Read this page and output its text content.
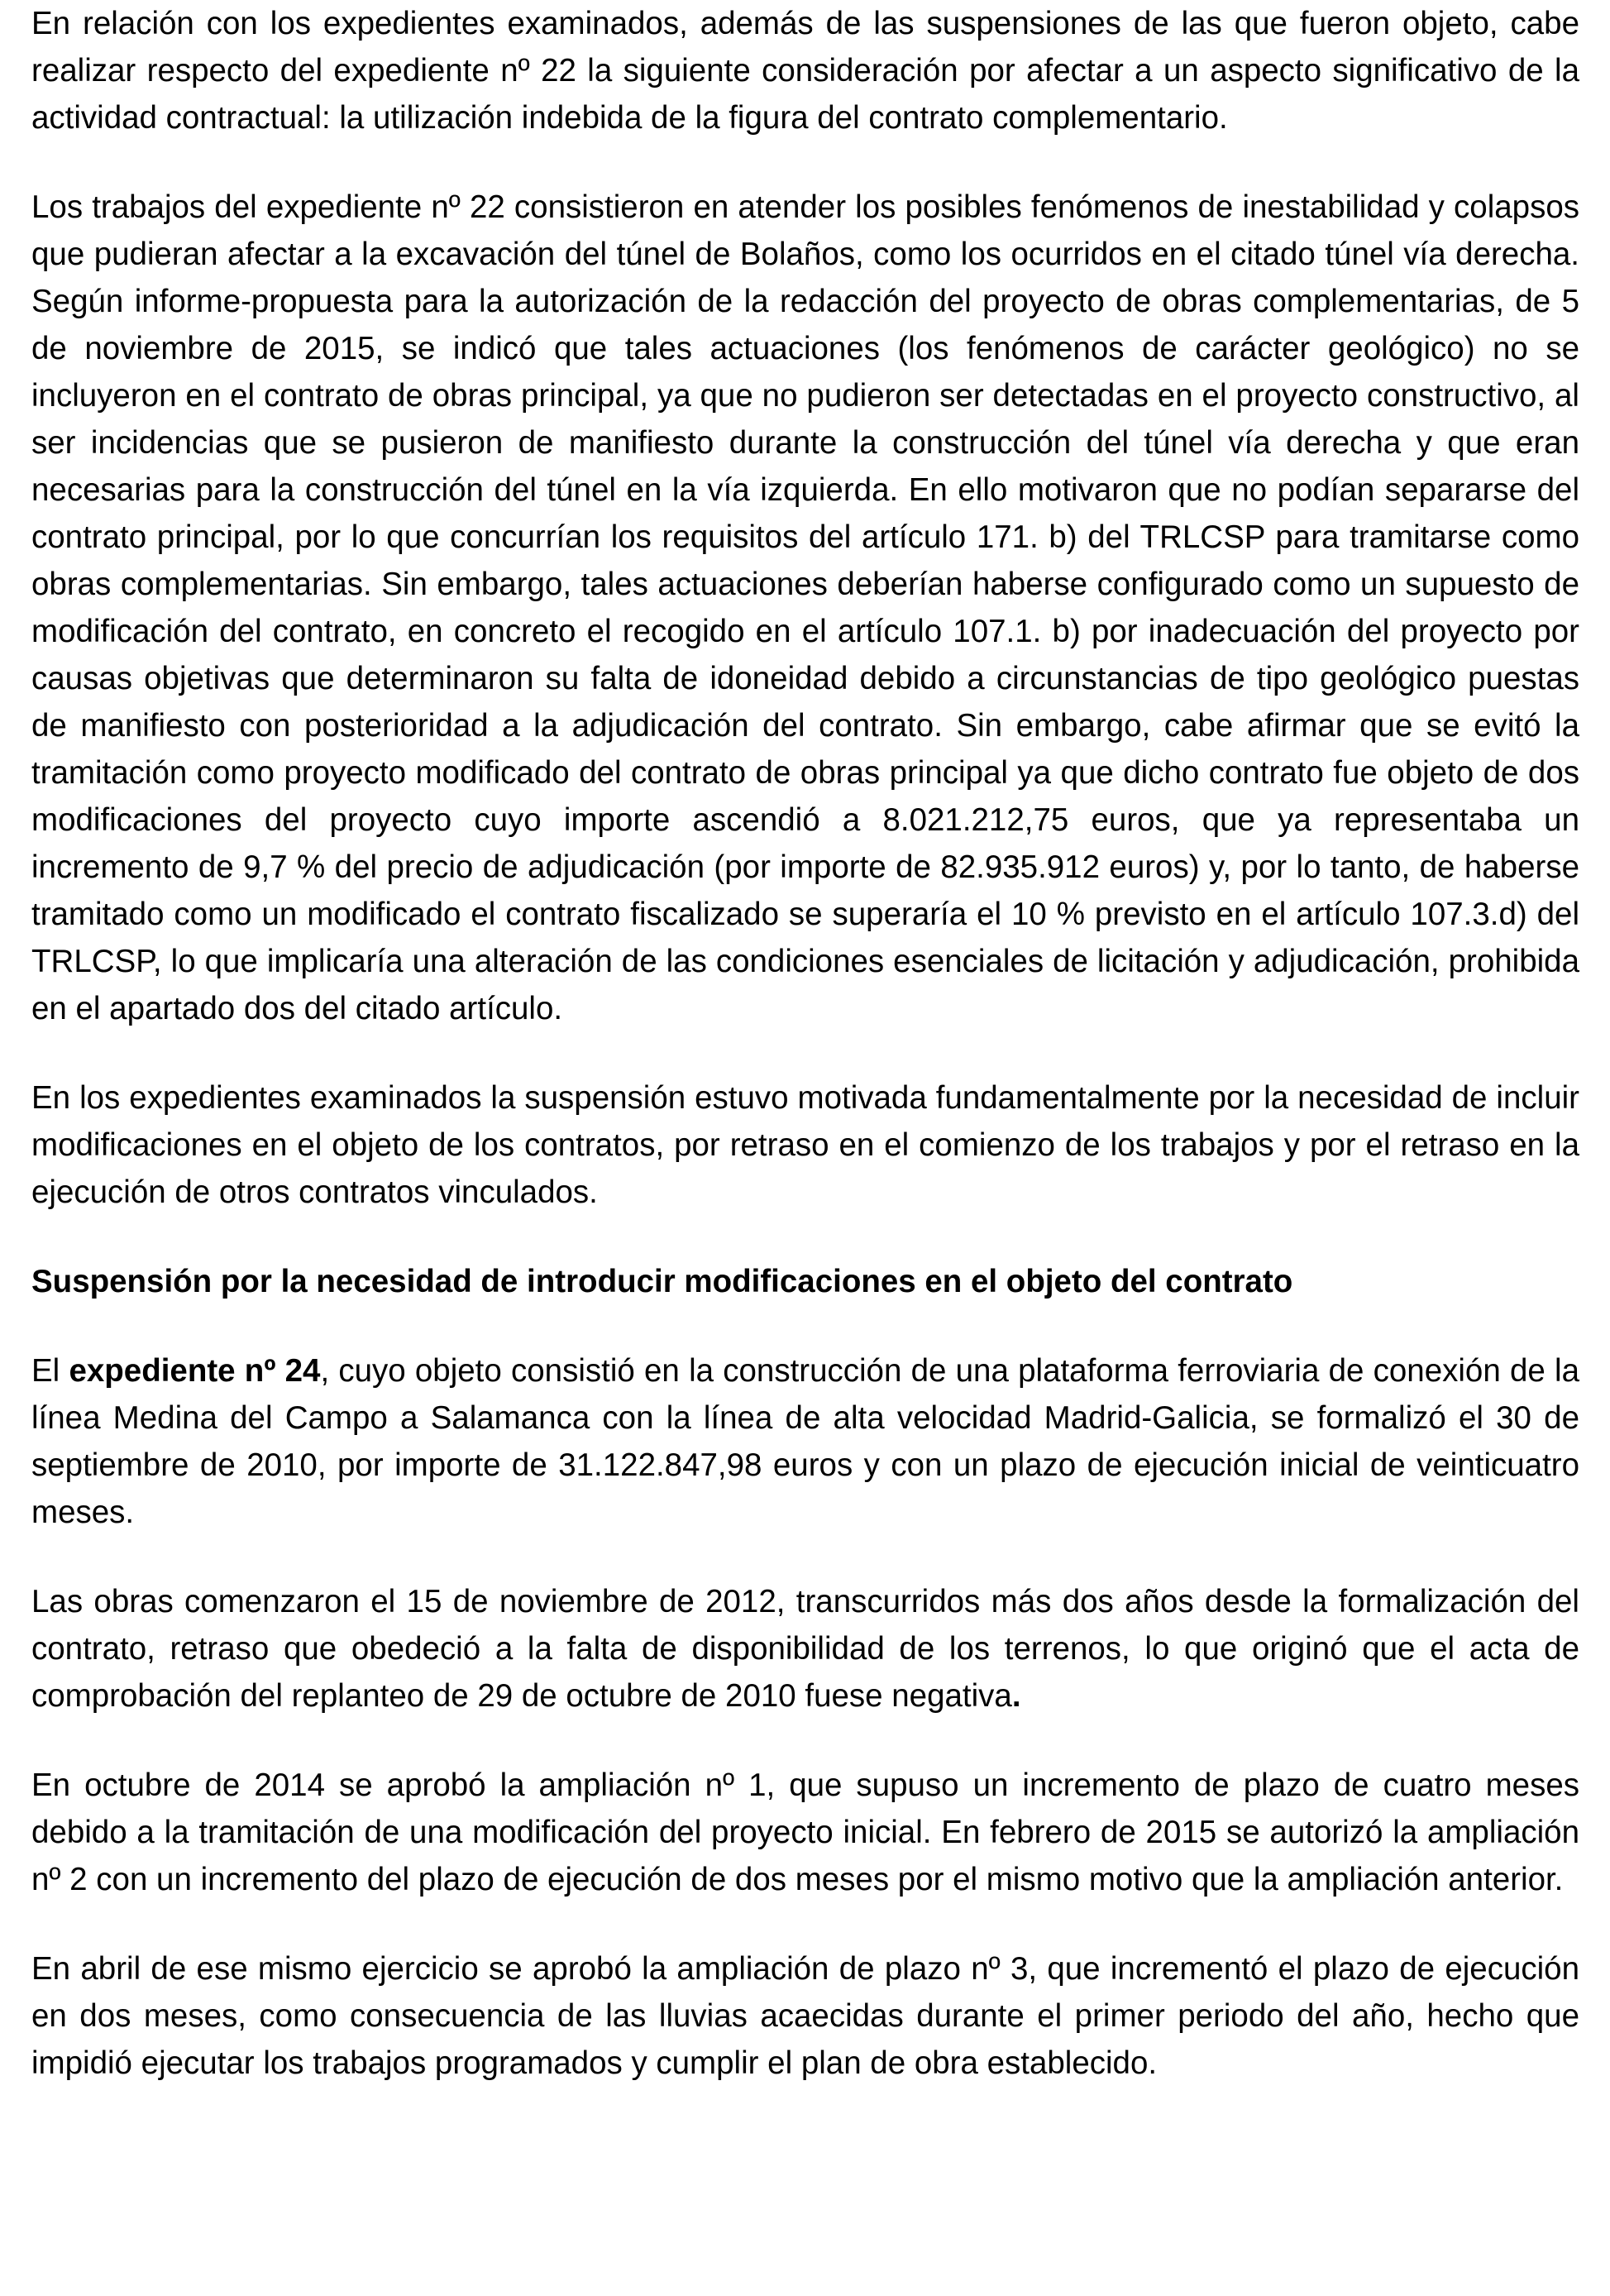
En relación con los expedientes examinados, además de las suspensiones de las que fueron objeto, cabe realizar respecto del expediente nº 22 la siguiente consideración por afectar a un aspecto significativo de la actividad contractual: la utilización indebida de la figura del contrato complementario.

Los trabajos del expediente nº 22 consistieron en atender los posibles fenómenos de inestabilidad y colapsos que pudieran afectar a la excavación del túnel de Bolaños, como los ocurridos en el citado túnel vía derecha. Según informe-propuesta para la autorización de la redacción del proyecto de obras complementarias, de 5 de noviembre de 2015, se indicó que tales actuaciones (los fenómenos de carácter geológico) no se incluyeron en el contrato de obras principal, ya que no pudieron ser detectadas en el proyecto constructivo, al ser incidencias que se pusieron de manifiesto durante la construcción del túnel vía derecha y que eran necesarias para la construcción del túnel en la vía izquierda. En ello motivaron que no podían separarse del contrato principal, por lo que concurrían los requisitos del artículo 171. b) del TRLCSP para tramitarse como obras complementarias. Sin embargo, tales actuaciones deberían haberse configurado como un supuesto de modificación del contrato, en concreto el recogido en el artículo 107.1. b) por inadecuación del proyecto por causas objetivas que determinaron su falta de idoneidad debido a circunstancias de tipo geológico puestas de manifiesto con posterioridad a la adjudicación del contrato. Sin embargo, cabe afirmar que se evitó la tramitación como proyecto modificado del contrato de obras principal ya que dicho contrato fue objeto de dos modificaciones del proyecto cuyo importe ascendió a 8.021.212,75 euros, que ya representaba un incremento de 9,7 % del precio de adjudicación (por importe de 82.935.912 euros) y, por lo tanto, de haberse tramitado como un modificado el contrato fiscalizado se superaría el 10 % previsto en el artículo 107.3.d) del TRLCSP, lo que implicaría una alteración de las condiciones esenciales de licitación y adjudicación, prohibida en el apartado dos del citado artículo.

En los expedientes examinados la suspensión estuvo motivada fundamentalmente por la necesidad de incluir modificaciones en el objeto de los contratos, por retraso en el comienzo de los trabajos y por el retraso en la ejecución de otros contratos vinculados.

Suspensión por la necesidad de introducir modificaciones en el objeto del contrato

El expediente nº 24, cuyo objeto consistió en la construcción de una plataforma ferroviaria de conexión de la línea Medina del Campo a Salamanca con la línea de alta velocidad Madrid-Galicia, se formalizó el 30 de septiembre de 2010, por importe de 31.122.847,98 euros y con un plazo de ejecución inicial de veinticuatro meses.

Las obras comenzaron el 15 de noviembre de 2012, transcurridos más dos años desde la formalización del contrato, retraso que obedeció a la falta de disponibilidad de los terrenos, lo que originó que el acta de comprobación del replanteo de 29 de octubre de 2010 fuese negativa.

En octubre de 2014 se aprobó la ampliación nº 1, que supuso un incremento de plazo de cuatro meses debido a la tramitación de una modificación del proyecto inicial. En febrero de 2015 se autorizó la ampliación nº 2 con un incremento del plazo de ejecución de dos meses por el mismo motivo que la ampliación anterior.

En abril de ese mismo ejercicio se aprobó la ampliación de plazo nº 3, que incrementó el plazo de ejecución en dos meses, como consecuencia de las lluvias acaecidas durante el primer periodo del año, hecho que impidió ejecutar los trabajos programados y cumplir el plan de obra establecido.
